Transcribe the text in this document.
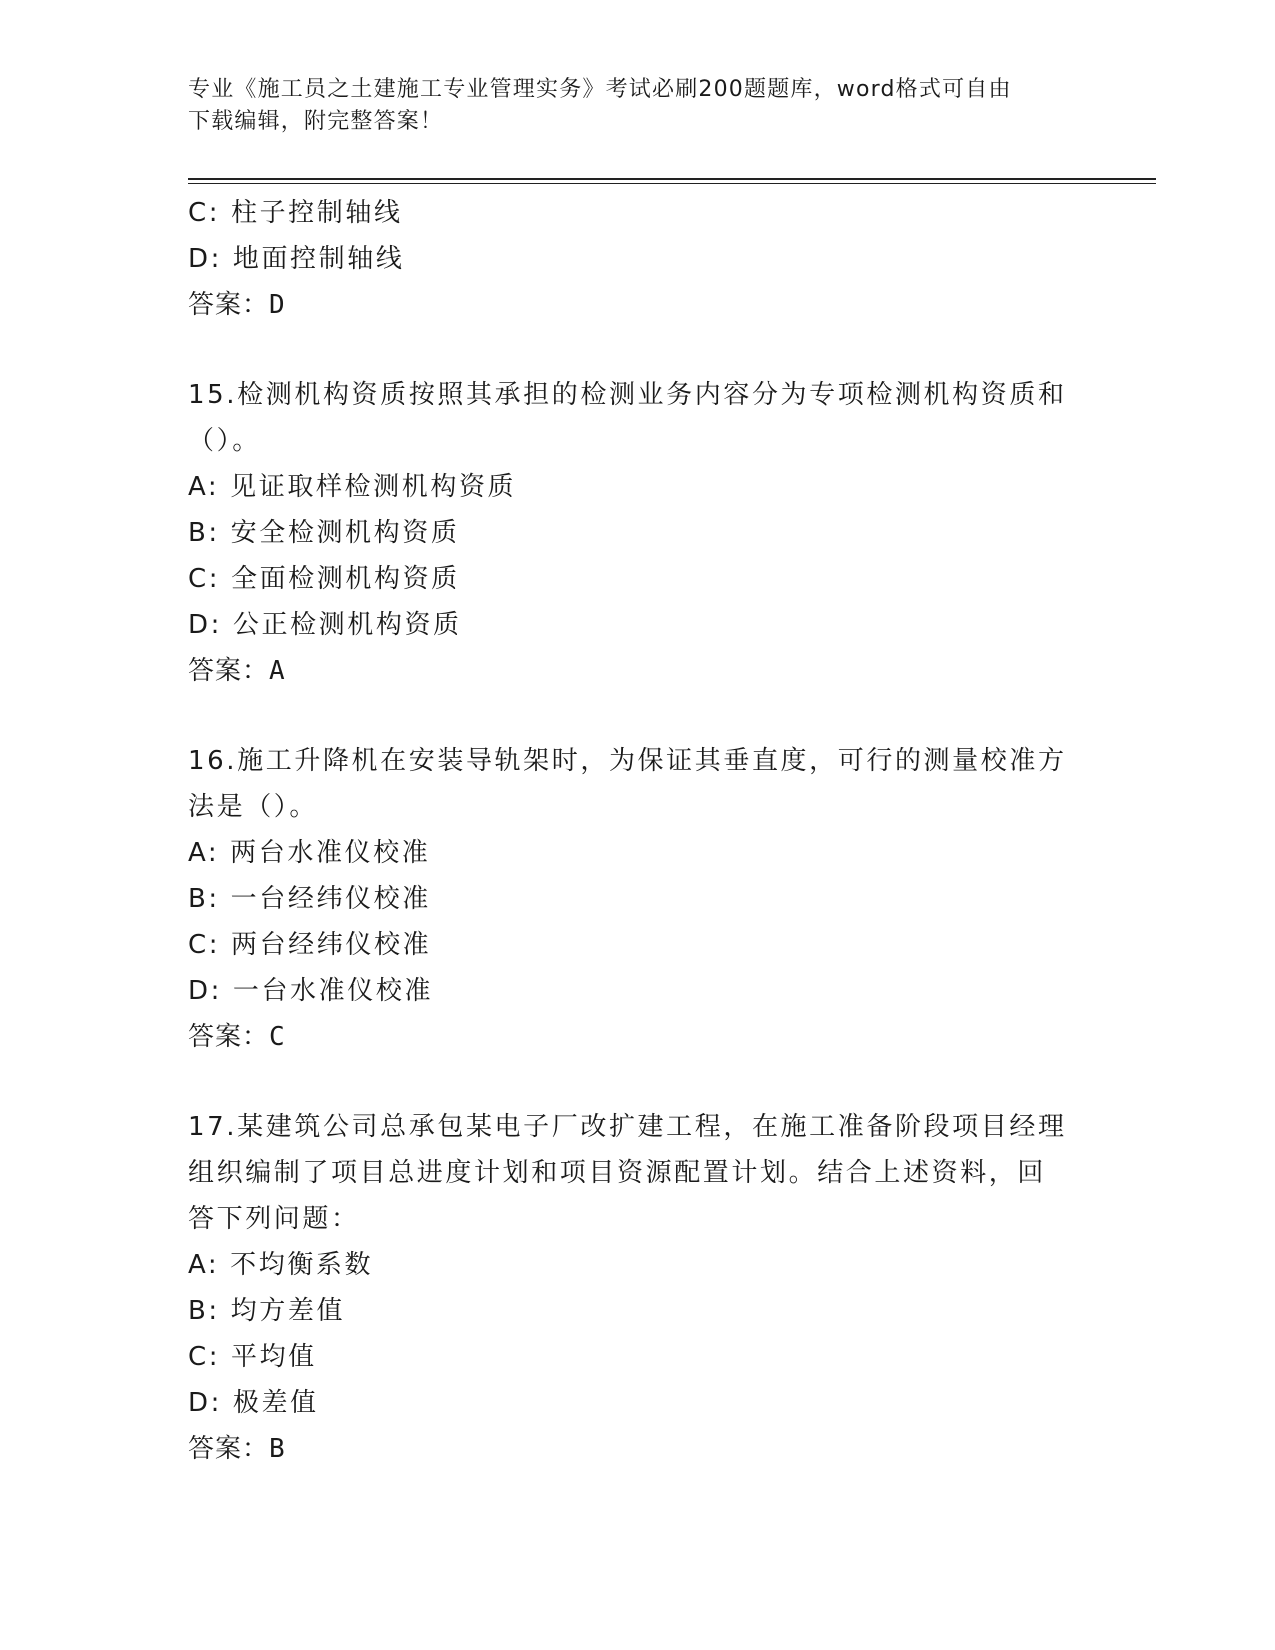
专业《施工员之土建施工专业管理实务》考试必刷200题题库，word格式可自由
下载编辑，附完整答案！
C: 柱子控制轴线
D: 地面控制轴线
答案：D
15.检测机构资质按照其承担的检测业务内容分为专项检测机构资质和
（）。
A: 见证取样检测机构资质
B: 安全检测机构资质
C: 全面检测机构资质
D: 公正检测机构资质
答案：A
16.施工升降机在安装导轨架时，为保证其垂直度，可行的测量校准方
法是（）。
A: 两台水准仪校准
B: 一台经纬仪校准
C: 两台经纬仪校准
D: 一台水准仪校准
答案：C
17.某建筑公司总承包某电子厂改扩建工程，在施工准备阶段项目经理
组织编制了项目总进度计划和项目资源配置计划。结合上述资料，回
答下列问题：
A: 不均衡系数
B: 均方差值
C: 平均值
D: 极差值
答案：B
